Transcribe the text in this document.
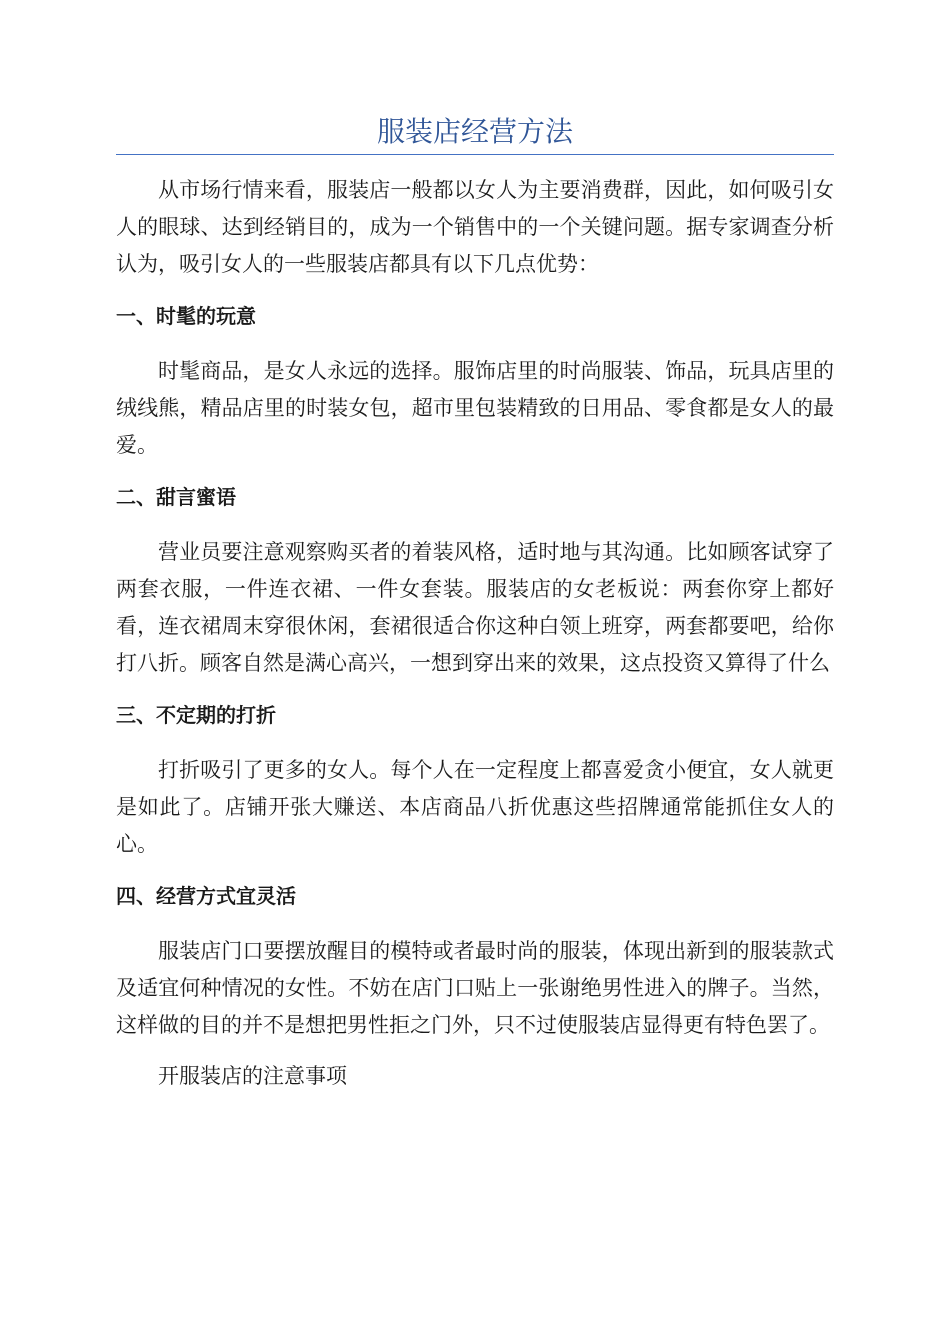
服装店经营方法

从市场行情来看，服装店一般都以女人为主要消费群，因此，如何吸引女人的眼球、达到经销目的，成为一个销售中的一个关键问题。据专家调查分析认为，吸引女人的一些服装店都具有以下几点优势：

一、时髦的玩意

时髦商品，是女人永远的选择。服饰店里的时尚服装、饰品，玩具店里的绒线熊，精品店里的时装女包，超市里包装精致的日用品、零食都是女人的最爱。

二、甜言蜜语

营业员要注意观察购买者的着装风格，适时地与其沟通。比如顾客试穿了两套衣服，一件连衣裙、一件女套装。服装店的女老板说：两套你穿上都好看，连衣裙周末穿很休闲，套裙很适合你这种白领上班穿，两套都要吧，给你打八折。顾客自然是满心高兴，一想到穿出来的效果，这点投资又算得了什么

三、不定期的打折

打折吸引了更多的女人。每个人在一定程度上都喜爱贪小便宜，女人就更是如此了。店铺开张大赚送、本店商品八折优惠这些招牌通常能抓住女人的心。

四、经营方式宜灵活

服装店门口要摆放醒目的模特或者最时尚的服装，体现出新到的服装款式及适宜何种情况的女性。不妨在店门口贴上一张谢绝男性进入的牌子。当然，这样做的目的并不是想把男性拒之门外，只不过使服装店显得更有特色罢了。

开服装店的注意事项
